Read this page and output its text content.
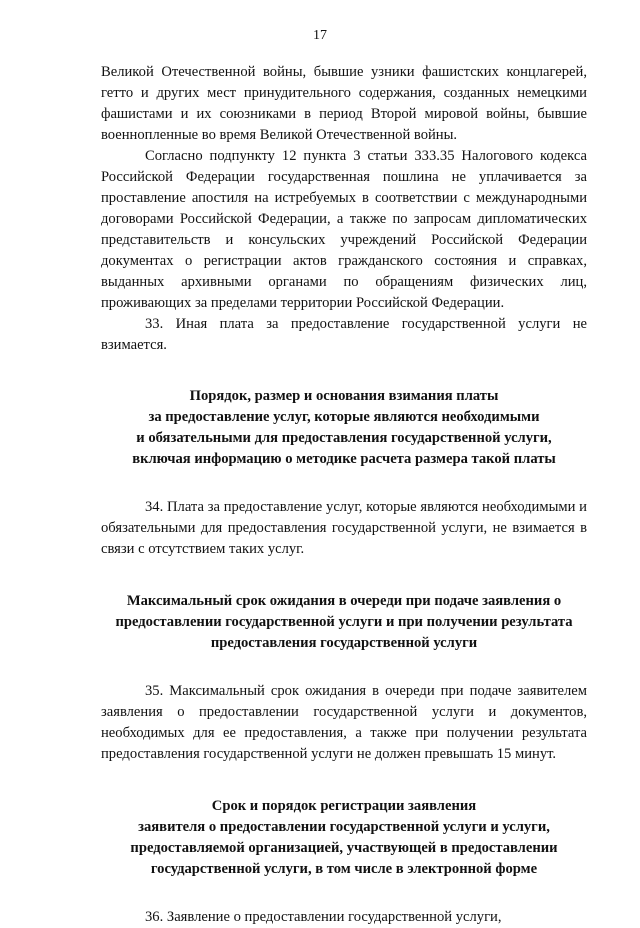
17

Великой Отечественной войны, бывшие узники фашистских концлагерей, гетто и других мест принудительного содержания, созданных немецкими фашистами и их союзниками в период Второй мировой войны, бывшие военнопленные во время Великой Отечественной войны.

Согласно подпункту 12 пункта 3 статьи 333.35 Налогового кодекса Российской Федерации государственная пошлина не уплачивается за проставление апостиля на истребуемых в соответствии с международными договорами Российской Федерации, а также по запросам дипломатических представительств и консульских учреждений Российской Федерации документах о регистрации актов гражданского состояния и справках, выданных архивными органами по обращениям физических лиц, проживающих за пределами территории Российской Федерации.

33. Иная плата за предоставление государственной услуги не взимается.

Порядок, размер и основания взимания платы

за предоставление услуг, которые являются необходимыми

и обязательными для предоставления государственной услуги,

включая информацию о методике расчета размера такой платы

34. Плата за предоставление услуг, которые являются необходимыми и обязательными для предоставления государственной услуги, не взимается в связи с отсутствием таких услуг.

Максимальный срок ожидания в очереди при подаче заявления о

предоставлении государственной услуги и при получении результата

предоставления государственной услуги

35. Максимальный срок ожидания в очереди при подаче заявителем заявления о предоставлении государственной услуги и документов, необходимых для ее предоставления, а также при получении результата предоставления государственной услуги не должен превышать 15 минут.

Срок и порядок регистрации заявления

заявителя о предоставлении государственной услуги и услуги,

предоставляемой организацией, участвующей в предоставлении

государственной услуги, в том числе в электронной форме

36. Заявление о предоставлении государственной услуги,
